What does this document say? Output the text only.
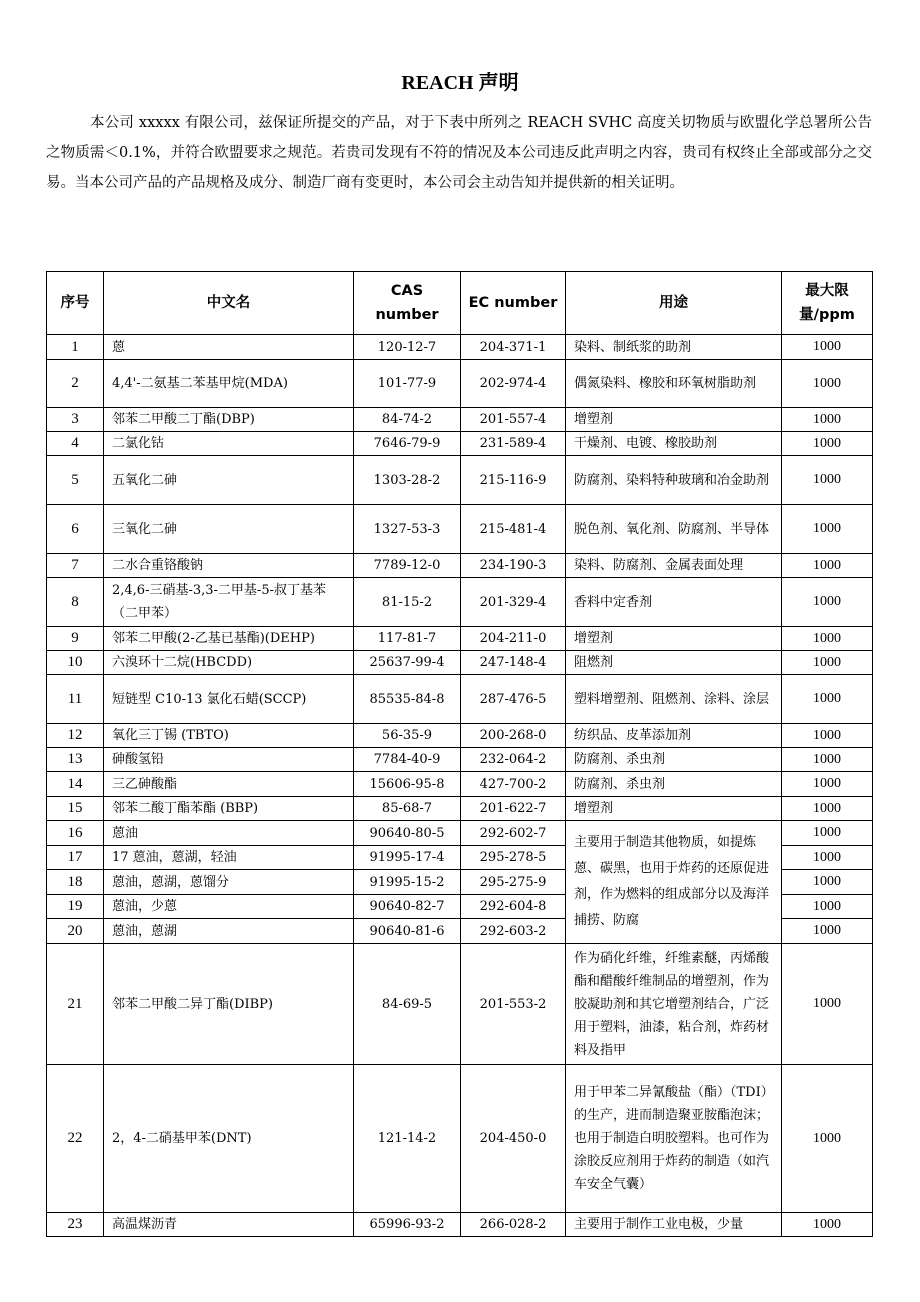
REACH 声明

本公司 xxxxx 有限公司，兹保证所提交的产品，对于下表中所列之 REACH SVHC 高度关切物质与欧盟化学总署所公告之物质需＜0.1%，并符合欧盟要求之规范。若贵司发现有不符的情况及本公司违反此声明之内容，贵司有权终止全部或部分之交易。当本公司产品的产品规格及成分、制造厂商有变更时，本公司会主动告知并提供新的相关证明。

序号	中文名	CAS number	EC number	用途	最大限量/ppm
1	蒽	120-12-7	204-371-1	染料、制纸浆的助剂	1000
2	4,4'-二氨基二苯基甲烷(MDA)	101-77-9	202-974-4	偶氮染料、橡胶和环氧树脂助剂	1000
3	邻苯二甲酸二丁酯(DBP)	84-74-2	201-557-4	增塑剂	1000
4	二氯化钴	7646-79-9	231-589-4	干燥剂、电镀、橡胶助剂	1000
5	五氧化二砷	1303-28-2	215-116-9	防腐剂、染料特种玻璃和冶金助剂	1000
6	三氧化二砷	1327-53-3	215-481-4	脱色剂、氧化剂、防腐剂、半导体	1000
7	二水合重铬酸钠	7789-12-0	234-190-3	染料、防腐剂、金属表面处理	1000
8	2,4,6-三硝基-3,3-二甲基-5-叔丁基苯（二甲苯）	81-15-2	201-329-4	香料中定香剂	1000
9	邻苯二甲酸(2-乙基已基酯)(DEHP)	117-81-7	204-211-0	增塑剂	1000
10	六溴环十二烷(HBCDD)	25637-99-4	247-148-4	阻燃剂	1000
11	短链型 C10-13 氯化石蜡(SCCP)	85535-84-8	287-476-5	塑料增塑剂、阻燃剂、涂料、涂层	1000
12	氧化三丁锡 (TBTO)	56-35-9	200-268-0	纺织品、皮革添加剂	1000
13	砷酸氢铅	7784-40-9	232-064-2	防腐剂、杀虫剂	1000
14	三乙砷酸酯	15606-95-8	427-700-2	防腐剂、杀虫剂	1000
15	邻苯二酸丁酯苯酯 (BBP)	85-68-7	201-622-7	增塑剂	1000
16	蒽油	90640-80-5	292-602-7	主要用于制造其他物质，如提炼蒽、碳黑，也用于炸药的还原促进剂，作为燃料的组成部分以及海洋捕捞、防腐	1000
17	17 蒽油，蒽湖，轻油	91995-17-4	295-278-5		1000
18	蒽油，蒽湖，蒽馏分	91995-15-2	295-275-9		1000
19	蒽油，少蒽	90640-82-7	292-604-8		1000
20	蒽油，蒽湖	90640-81-6	292-603-2		1000
21	邻苯二甲酸二异丁酯(DIBP)	84-69-5	201-553-2	作为硝化纤维，纤维素醚，丙烯酸酯和醋酸纤维制品的增塑剂，作为胶凝助剂和其它增塑剂结合，广泛用于塑料，油漆，粘合剂，炸药材料及指甲	1000
22	2，4-二硝基甲苯(DNT)	121-14-2	204-450-0	用于甲苯二异氰酸盐（酯）（TDI）的生产，进而制造聚亚胺酯泡沫；也用于制造白明胶塑料。也可作为涂胶反应剂用于炸药的制造（如汽车安全气囊）	1000
23	高温煤沥青	65996-93-2	266-028-2	主要用于制作工业电极，少量	1000
